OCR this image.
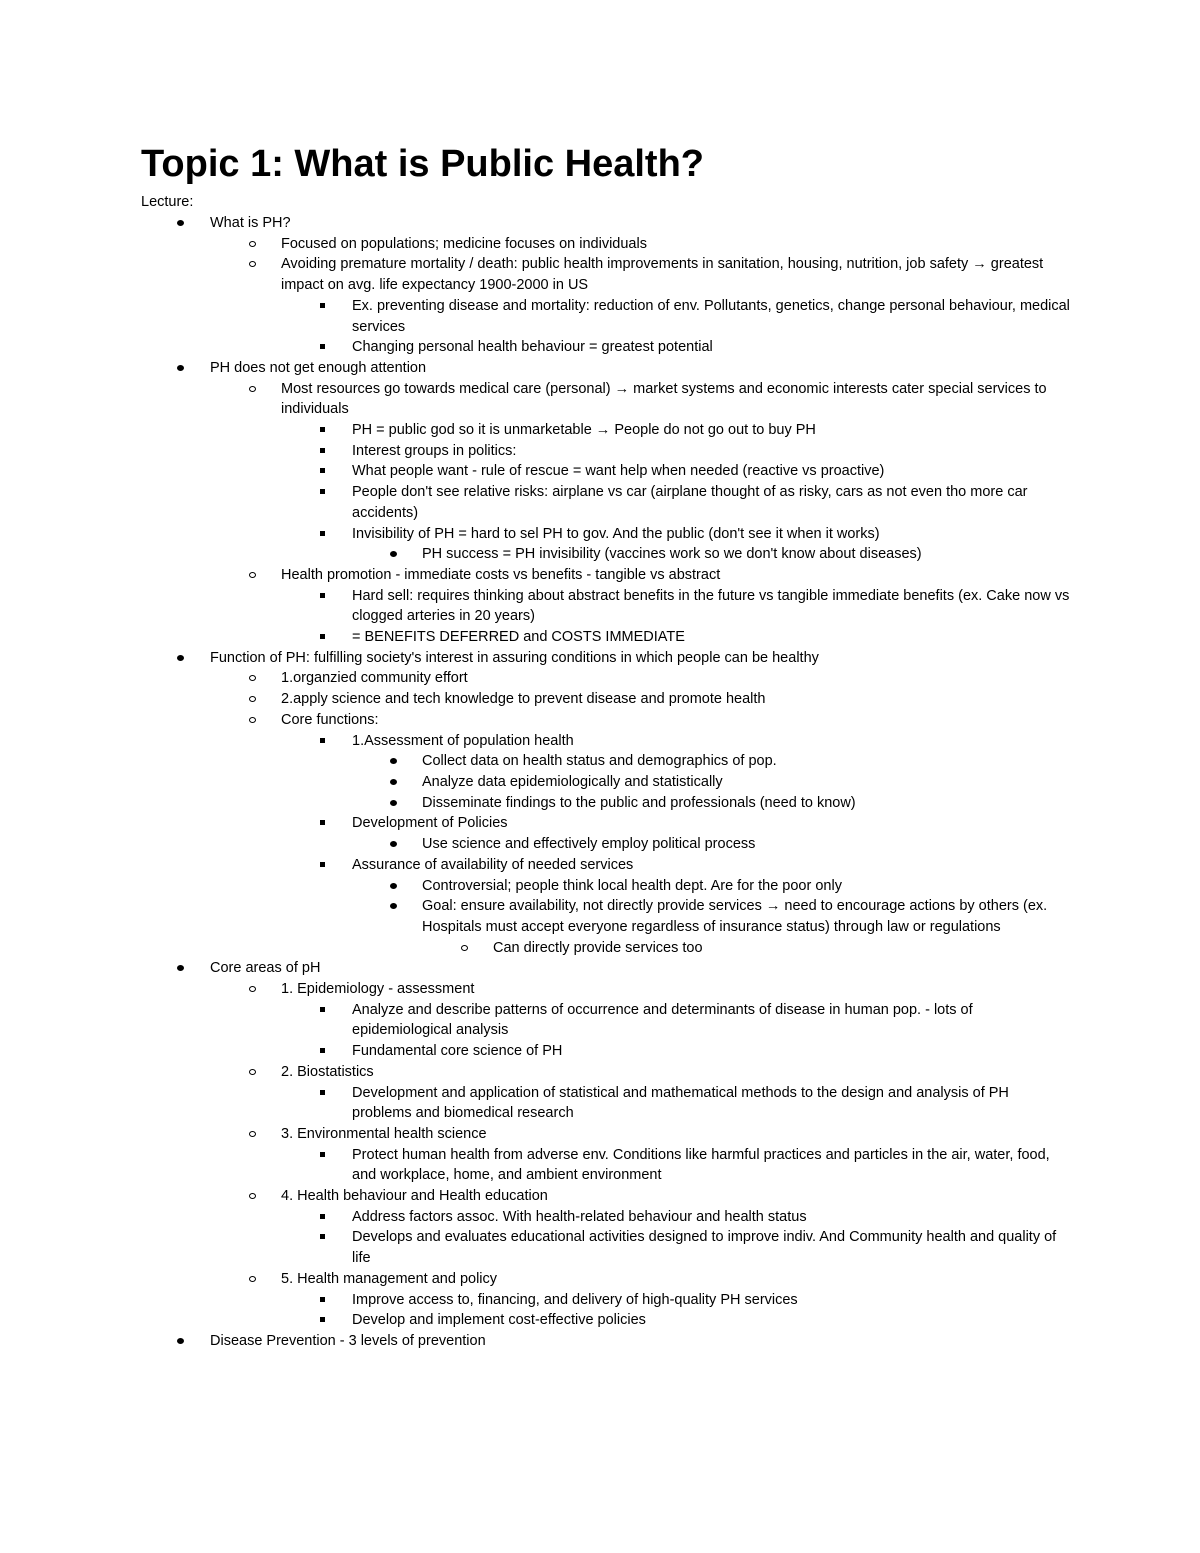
Topic 1: What is Public Health?
Lecture:
What is PH?
Focused on populations; medicine focuses on individuals
Avoiding premature mortality / death: public health improvements in sanitation, housing, nutrition, job safety → greatest impact on avg. life expectancy 1900-2000 in US
Ex. preventing disease and mortality: reduction of env. Pollutants, genetics, change personal behaviour, medical services
Changing personal health behaviour = greatest potential
PH does not get enough attention
Most resources go towards medical care (personal) → market systems and economic interests cater special services to individuals
PH = public god so it is unmarketable → People do not go out to buy PH
Interest groups in politics:
What people want - rule of rescue = want help when needed (reactive vs proactive)
People don't see relative risks: airplane vs car (airplane thought of as risky, cars as not even tho more car accidents)
Invisibility of PH = hard to sel PH to gov. And the public (don't see it when it works)
PH success = PH invisibility (vaccines work so we don't know about diseases)
Health promotion - immediate costs vs benefits - tangible vs abstract
Hard sell: requires thinking about abstract benefits in the future vs tangible immediate benefits (ex. Cake now vs clogged arteries in 20 years)
= BENEFITS DEFERRED and COSTS IMMEDIATE
Function of PH: fulfilling society's interest in assuring conditions in which people can be healthy
1.organzied community effort
2.apply science and tech knowledge to prevent disease and promote health
Core functions:
1.Assessment of population health
Collect data on health status and demographics of pop.
Analyze data epidemiologically and statistically
Disseminate findings to the public and professionals (need to know)
Development of Policies
Use science and effectively employ political process
Assurance of availability of needed services
Controversial; people think local health dept. Are for the poor only
Goal: ensure availability, not directly provide services → need to encourage actions by others (ex. Hospitals must accept everyone regardless of insurance status) through law or regulations
Can directly provide services too
Core areas of pH
1. Epidemiology - assessment
Analyze and describe patterns of occurrence and determinants of disease in human pop. - lots of epidemiological analysis
Fundamental core science of PH
2. Biostatistics
Development and application of statistical and mathematical methods to the design and analysis of PH problems and biomedical research
3. Environmental health science
Protect human health from adverse env. Conditions like harmful practices and particles in the air, water, food, and workplace, home, and ambient environment
4. Health behaviour and Health education
Address factors assoc. With health-related behaviour and health status
Develops and evaluates educational activities designed to improve indiv. And Community health and quality of life
5. Health management and policy
Improve access to, financing, and delivery of high-quality PH services
Develop and implement cost-effective policies
Disease Prevention - 3 levels of prevention
